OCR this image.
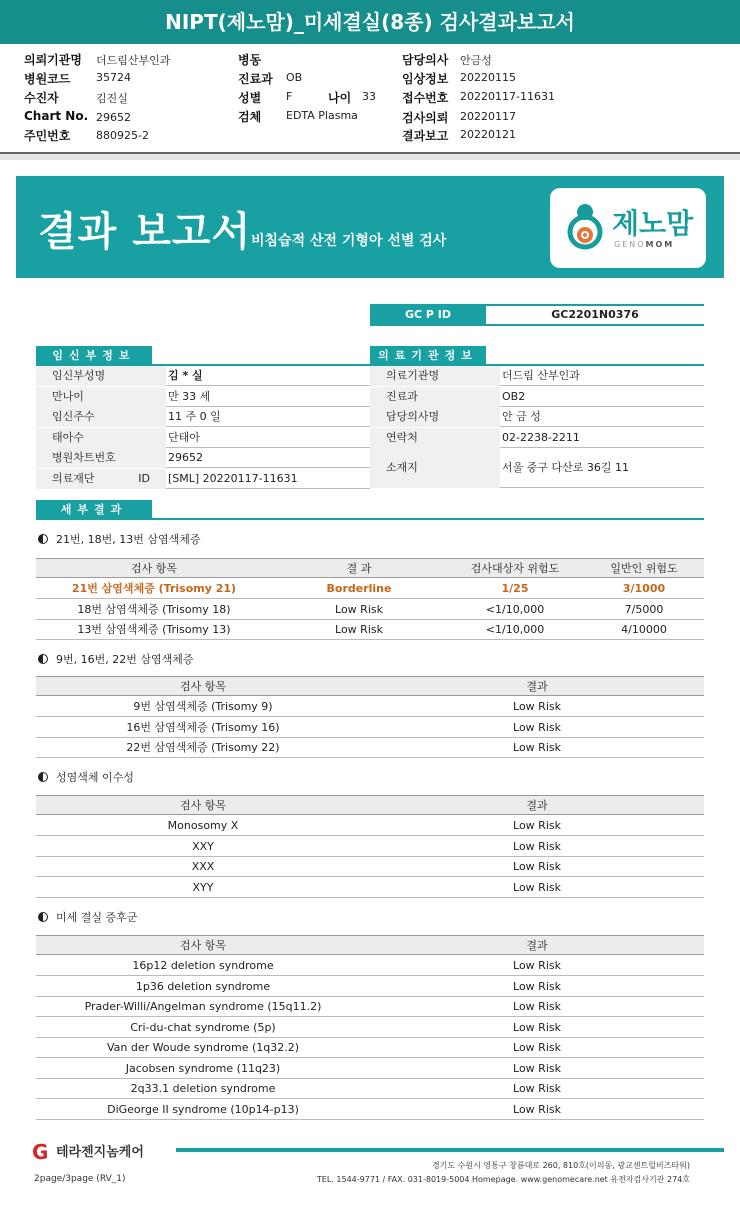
NIPT(제노맘)_미세결실(8종) 검사결과보고서
의뢰기관명 더드림산부인과
병원코드 35724
수진자	김진실
Chart No. 29652
주민번호 880925-2
병동
진료과 OB
성별 F	나이 33
검체 EDTA Plasma
담당의사 안금성
임상정보 20220115
접수번호 20220117-11631
검사의뢰 20220117
결과보고 20220121
결과 보고서 비침습적 산전 기형아 선별 검사
제노맘
GENOMOM
GC P ID	GC2201N0376
임신부정보
임신부성명	김 * 실
만나이	만 33 세
임신주수	11 주 0 일
태아수	단태아
병원차트번호	29652
의료재단 ID	[SML] 20220117-11631
의료기관정보
의료기관명	더드림 산부인과
진료과	OB2
담당의사명	안 금 성
연락처	02-2238-2211
소재지	서울 중구 다산로 36길 11
세부결과
21번, 18번, 13번 삼염색체증
검사 항목	결 과	검사대상자 위험도	일반인 위험도
21번 삼염색체증 (Trisomy 21)	Borderline	1/25	3/1000
18번 삼염색체증 (Trisomy 18)	Low Risk	<1/10,000	7/5000
13번 삼염색체증 (Trisomy 13)	Low Risk	<1/10,000	4/10000
9번, 16번, 22번 삼염색체증
검사 항목	결과
9번 삼염색체증 (Trisomy 9)	Low Risk
16번 삼염색체증 (Trisomy 16)	Low Risk
22번 삼염색체증 (Trisomy 22)	Low Risk
성염색체 이수성
검사 항목	결과
Monosomy X	Low Risk
XXY	Low Risk
XXX	Low Risk
XYY	Low Risk
미세 결실 증후군
검사 항목	결과
16p12 deletion syndrome	Low Risk
1p36 deletion syndrome	Low Risk
Prader-Willi/Angelman syndrome (15q11.2)	Low Risk
Cri-du-chat syndrome (5p)	Low Risk
Van der Woude syndrome (1q32.2)	Low Risk
Jacobsen syndrome (11q23)	Low Risk
2q33.1 deletion syndrome	Low Risk
DiGeorge II syndrome (10p14-p13)	Low Risk
G테라젠지놈케어
2page/3page (RV_1)
경기도 수원시 영통구 창룡대로 260, 810호(이의동, 광교센트럴비즈타워)
TEL. 1544-9771 / FAX. 031-8019-5004 Homepage. www.genomecare.net 유전자검사기관 274호
